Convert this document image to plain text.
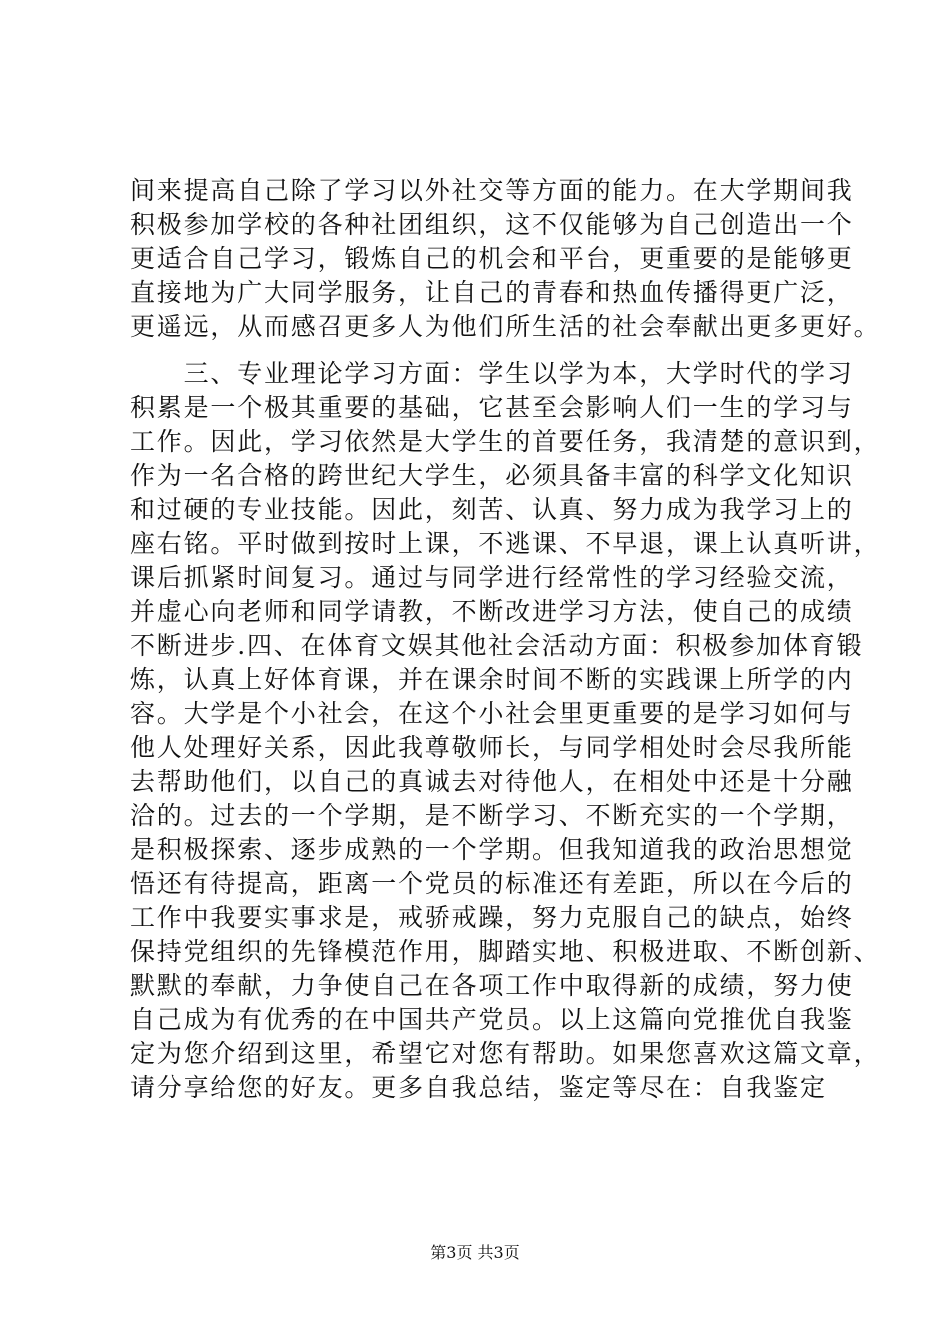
间来提高自己除了学习以外社交等方面的能力。在大学期间我
积极参加学校的各种社团组织，这不仅能够为自己创造出一个
更适合自己学习，锻炼自己的机会和平台，更重要的是能够更
直接地为广大同学服务，让自己的青春和热血传播得更广泛，
更遥远，从而感召更多人为他们所生活的社会奉献出更多更好。
　　三、专业理论学习方面：学生以学为本，大学时代的学习
积累是一个极其重要的基础，它甚至会影响人们一生的学习与
工作。因此，学习依然是大学生的首要任务，我清楚的意识到，
作为一名合格的跨世纪大学生，必须具备丰富的科学文化知识
和过硬的专业技能。因此，刻苦、认真、努力成为我学习上的
座右铭。平时做到按时上课，不逃课、不早退，课上认真听讲，
课后抓紧时间复习。通过与同学进行经常性的学习经验交流，
并虚心向老师和同学请教，不断改进学习方法，使自己的成绩
不断进步.四、在体育文娱其他社会活动方面：积极参加体育锻
炼，认真上好体育课，并在课余时间不断的实践课上所学的内
容。大学是个小社会，在这个小社会里更重要的是学习如何与
他人处理好关系，因此我尊敬师长，与同学相处时会尽我所能
去帮助他们，以自己的真诚去对待他人，在相处中还是十分融
洽的。过去的一个学期，是不断学习、不断充实的一个学期，
是积极探索、逐步成熟的一个学期。但我知道我的政治思想觉
悟还有待提高，距离一个党员的标准还有差距，所以在今后的
工作中我要实事求是，戒骄戒躁，努力克服自己的缺点，始终
保持党组织的先锋模范作用，脚踏实地、积极进取、不断创新、
默默的奉献，力争使自己在各项工作中取得新的成绩，努力使
自己成为有优秀的在中国共产党员。以上这篇向党推优自我鉴
定为您介绍到这里，希望它对您有帮助。如果您喜欢这篇文章，
请分享给您的好友。更多自我总结，鉴定等尽在：自我鉴定
第3页 共3页
